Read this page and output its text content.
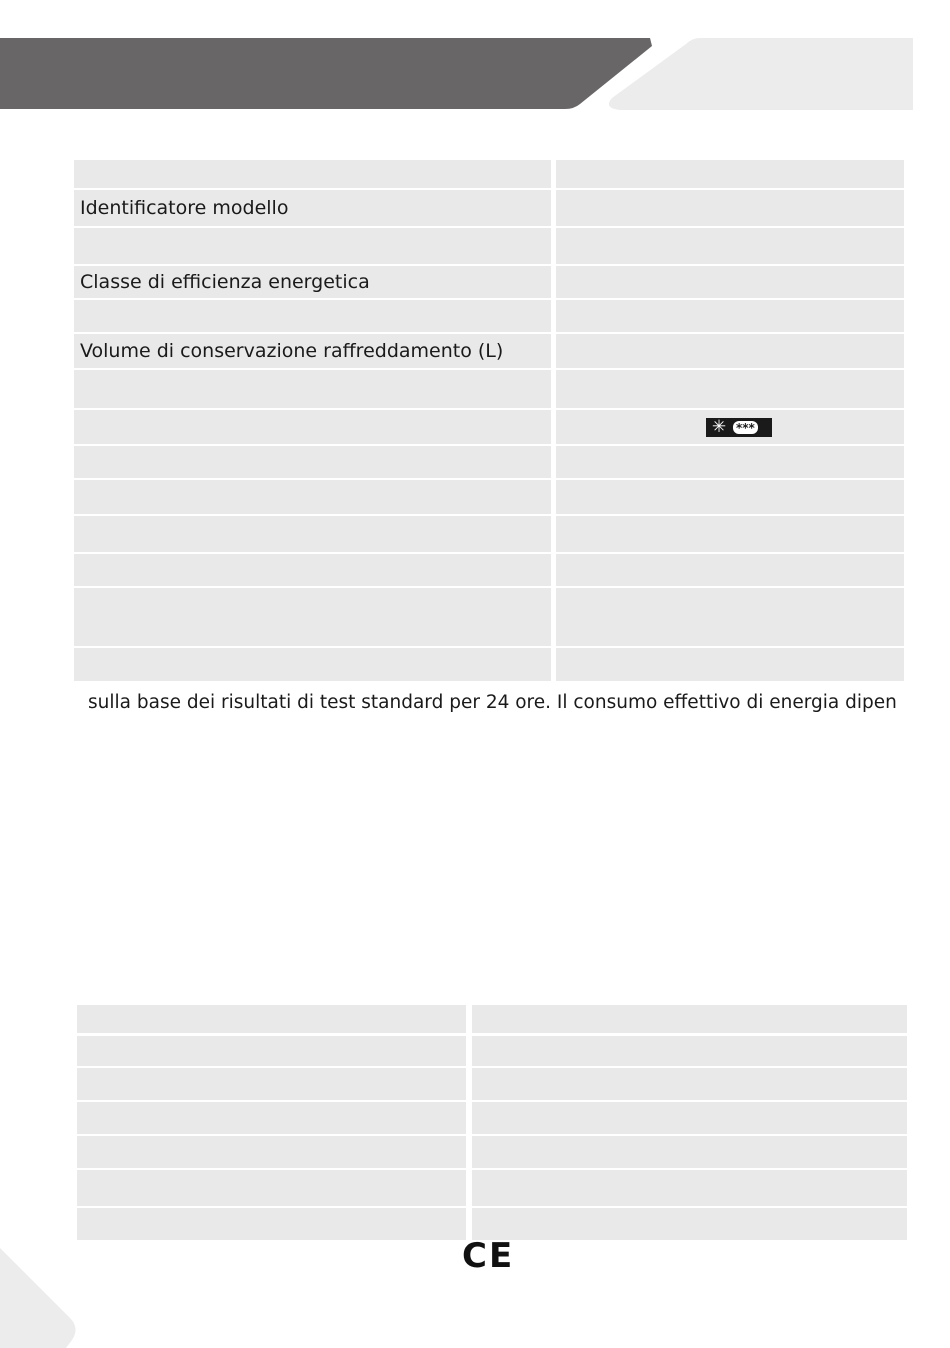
Identificatore modello
Classe di efficienza energetica
Volume di conservazione raffreddamento (L)
✳ ***
sulla base dei risultati di test standard per 24 ore. Il consumo effettivo di energia dipen
CE
